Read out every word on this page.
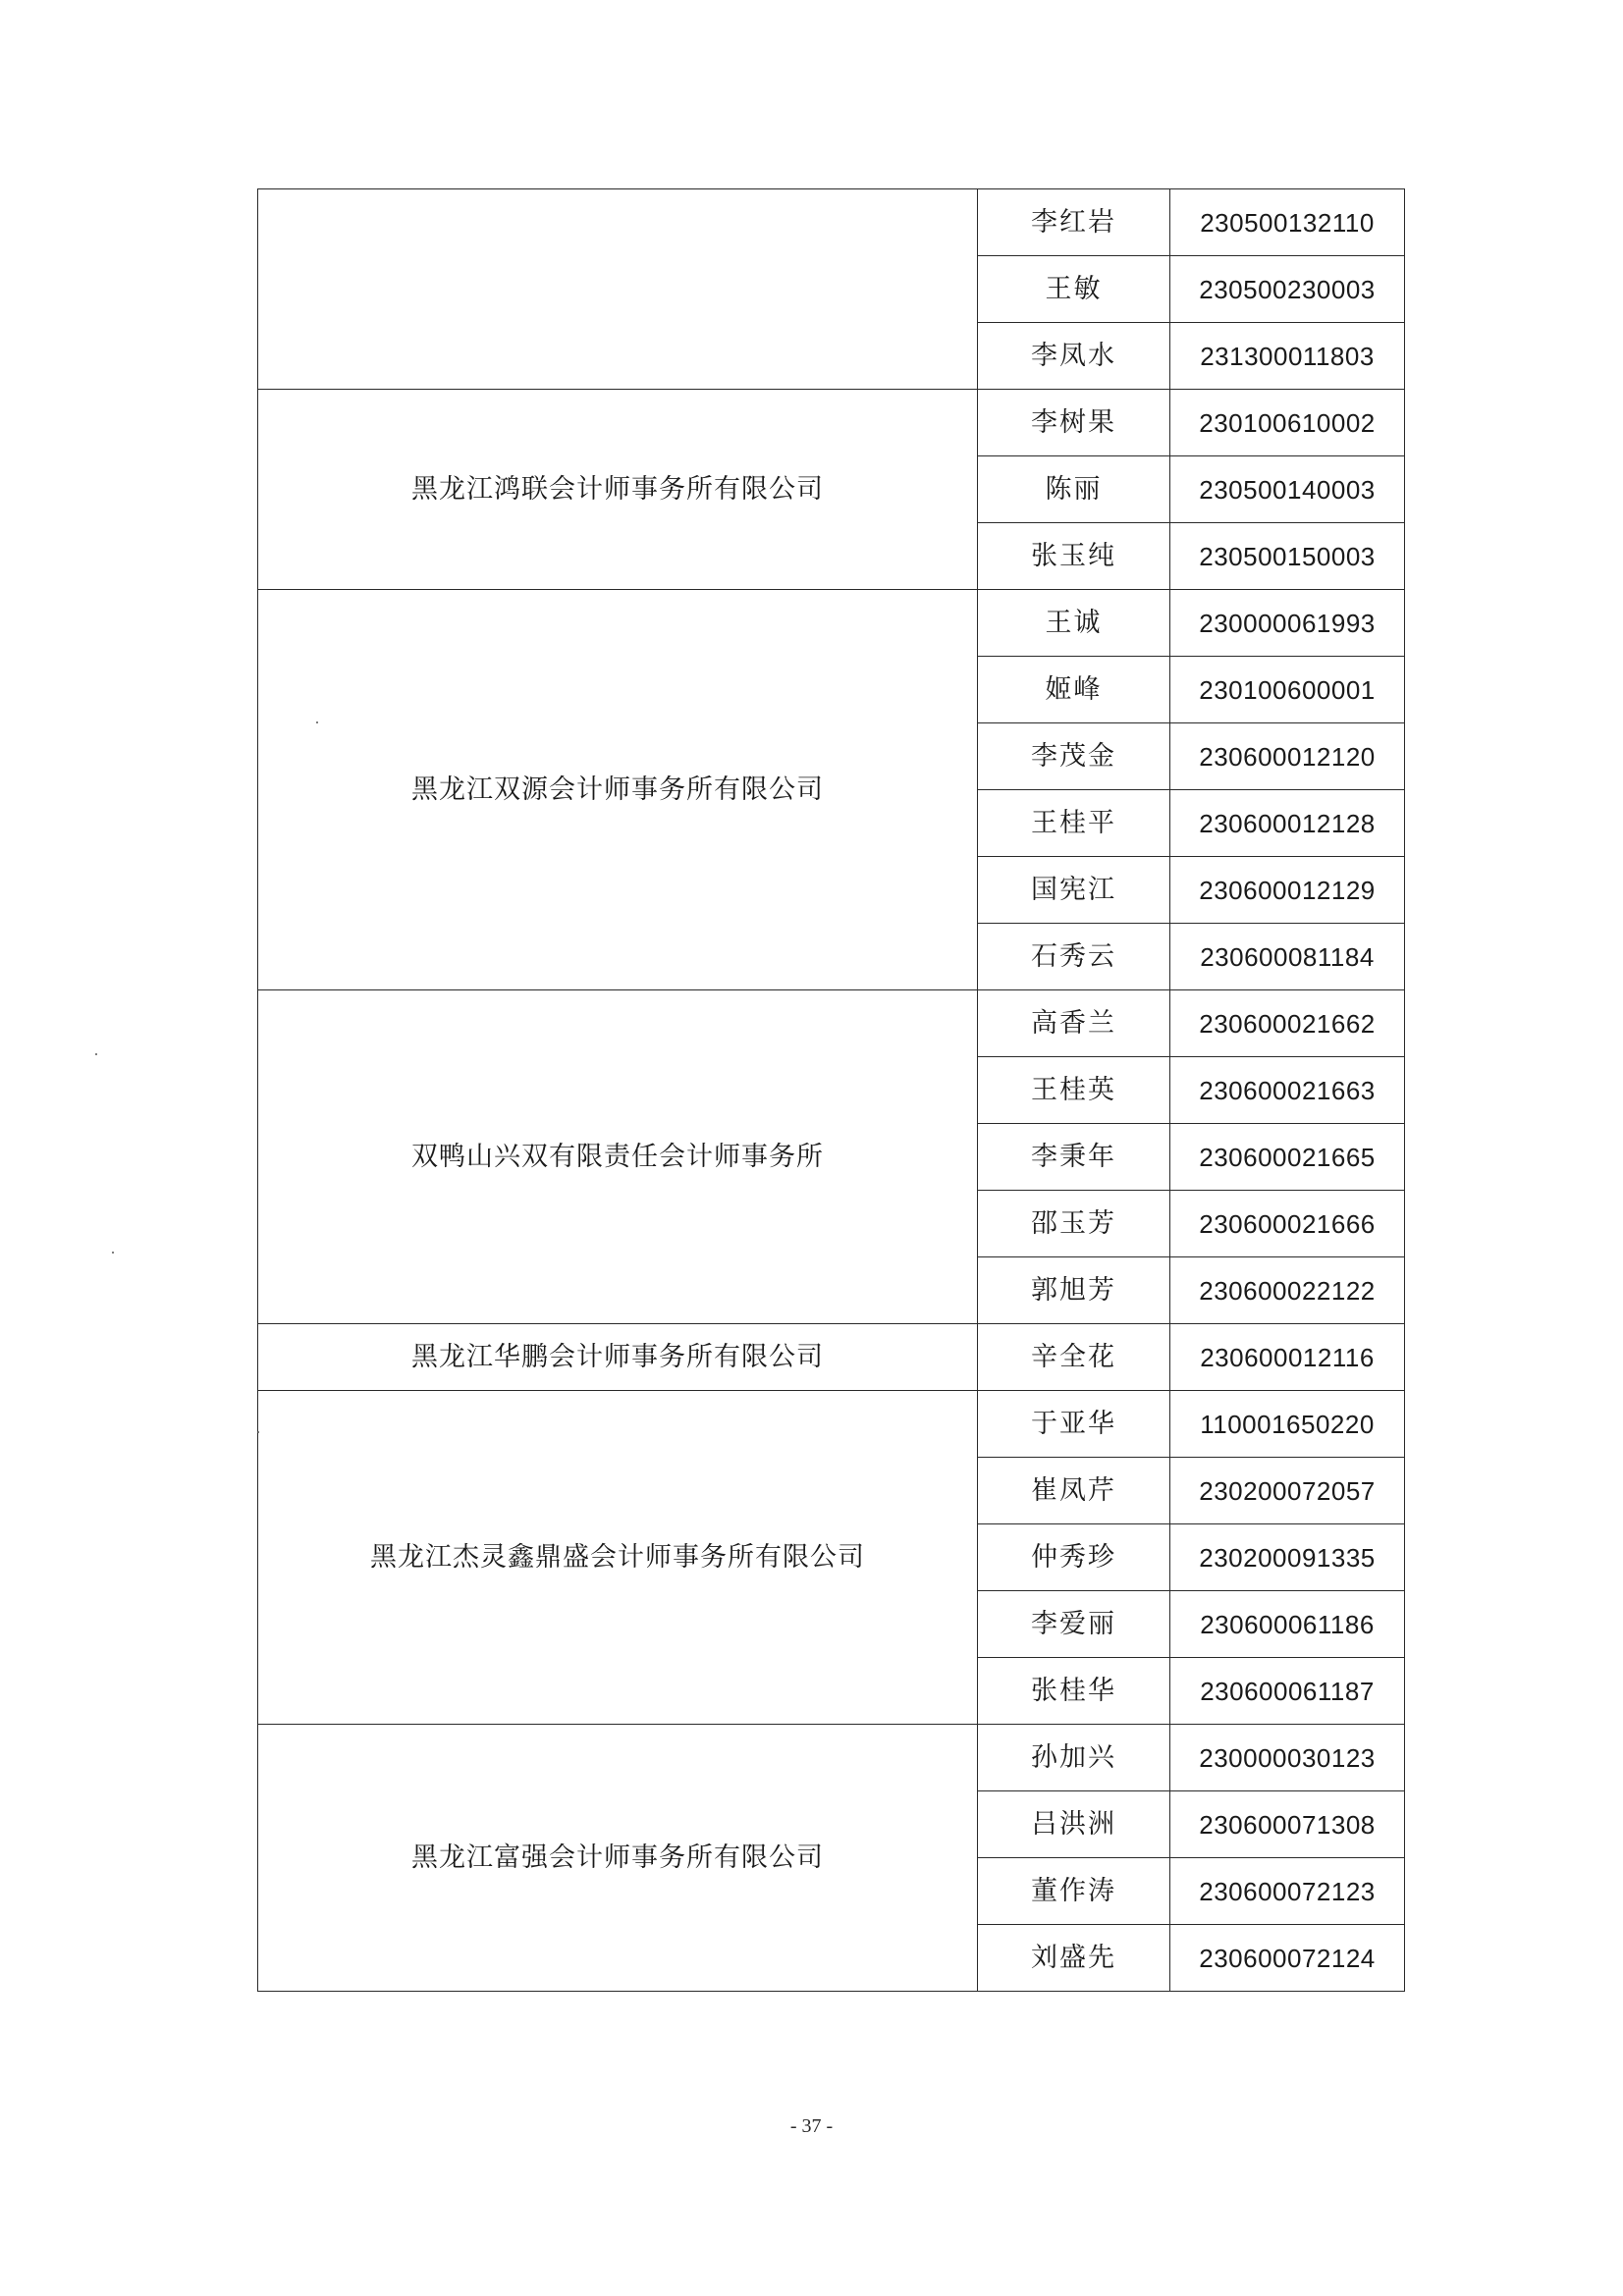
	李红岩	230500132110
	王敏	230500230003
	李凤水	231300011803
黑龙江鸿联会计师事务所有限公司	李树果	230100610002
	陈丽	230500140003
	张玉纯	230500150003
黑龙江双源会计师事务所有限公司	王诚	230000061993
	姬峰	230100600001
	李茂金	230600012120
	王桂平	230600012128
	国宪江	230600012129
	石秀云	230600081184
双鸭山兴双有限责任会计师事务所	高香兰	230600021662
	王桂英	230600021663
	李秉年	230600021665
	邵玉芳	230600021666
	郭旭芳	230600022122
黑龙江华鹏会计师事务所有限公司	辛全花	230600012116
黑龙江杰灵鑫鼎盛会计师事务所有限公司	于亚华	110001650220
	崔凤芹	230200072057
	仲秀珍	230200091335
	李爱丽	230600061186
	张桂华	230600061187
黑龙江富强会计师事务所有限公司	孙加兴	230000030123
	吕洪洲	230600071308
	董作涛	230600072123
	刘盛先	230600072124
- 37 -
